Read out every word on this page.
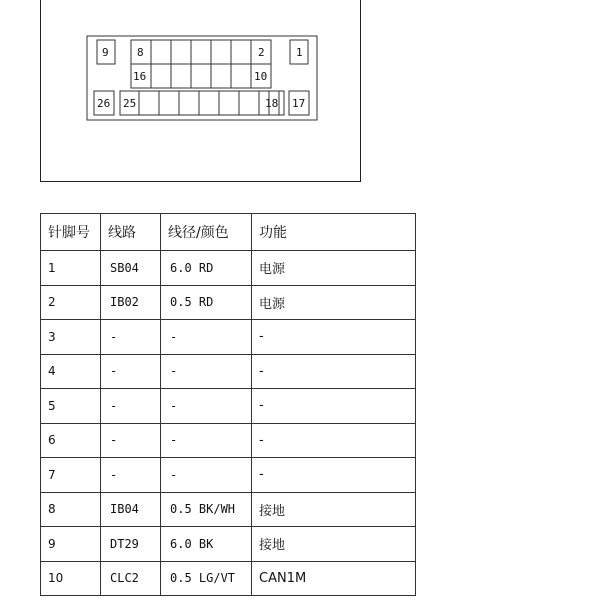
9	8	2	1
16	10
26 25	18 17
针脚号	线路	线径/颜色	功能
1	SB04	6.0 RD	电源
2	IB02	0.5 RD	电源
3	-	-	-
4	-	-	-
5	-	-	-
6	-	-	-
7	-	-	-
8	IB04	0.5 BK/WH	接地
9	DT29	6.0 BK	接地
10	CLC2	0.5 LG/VT	CAN1M
